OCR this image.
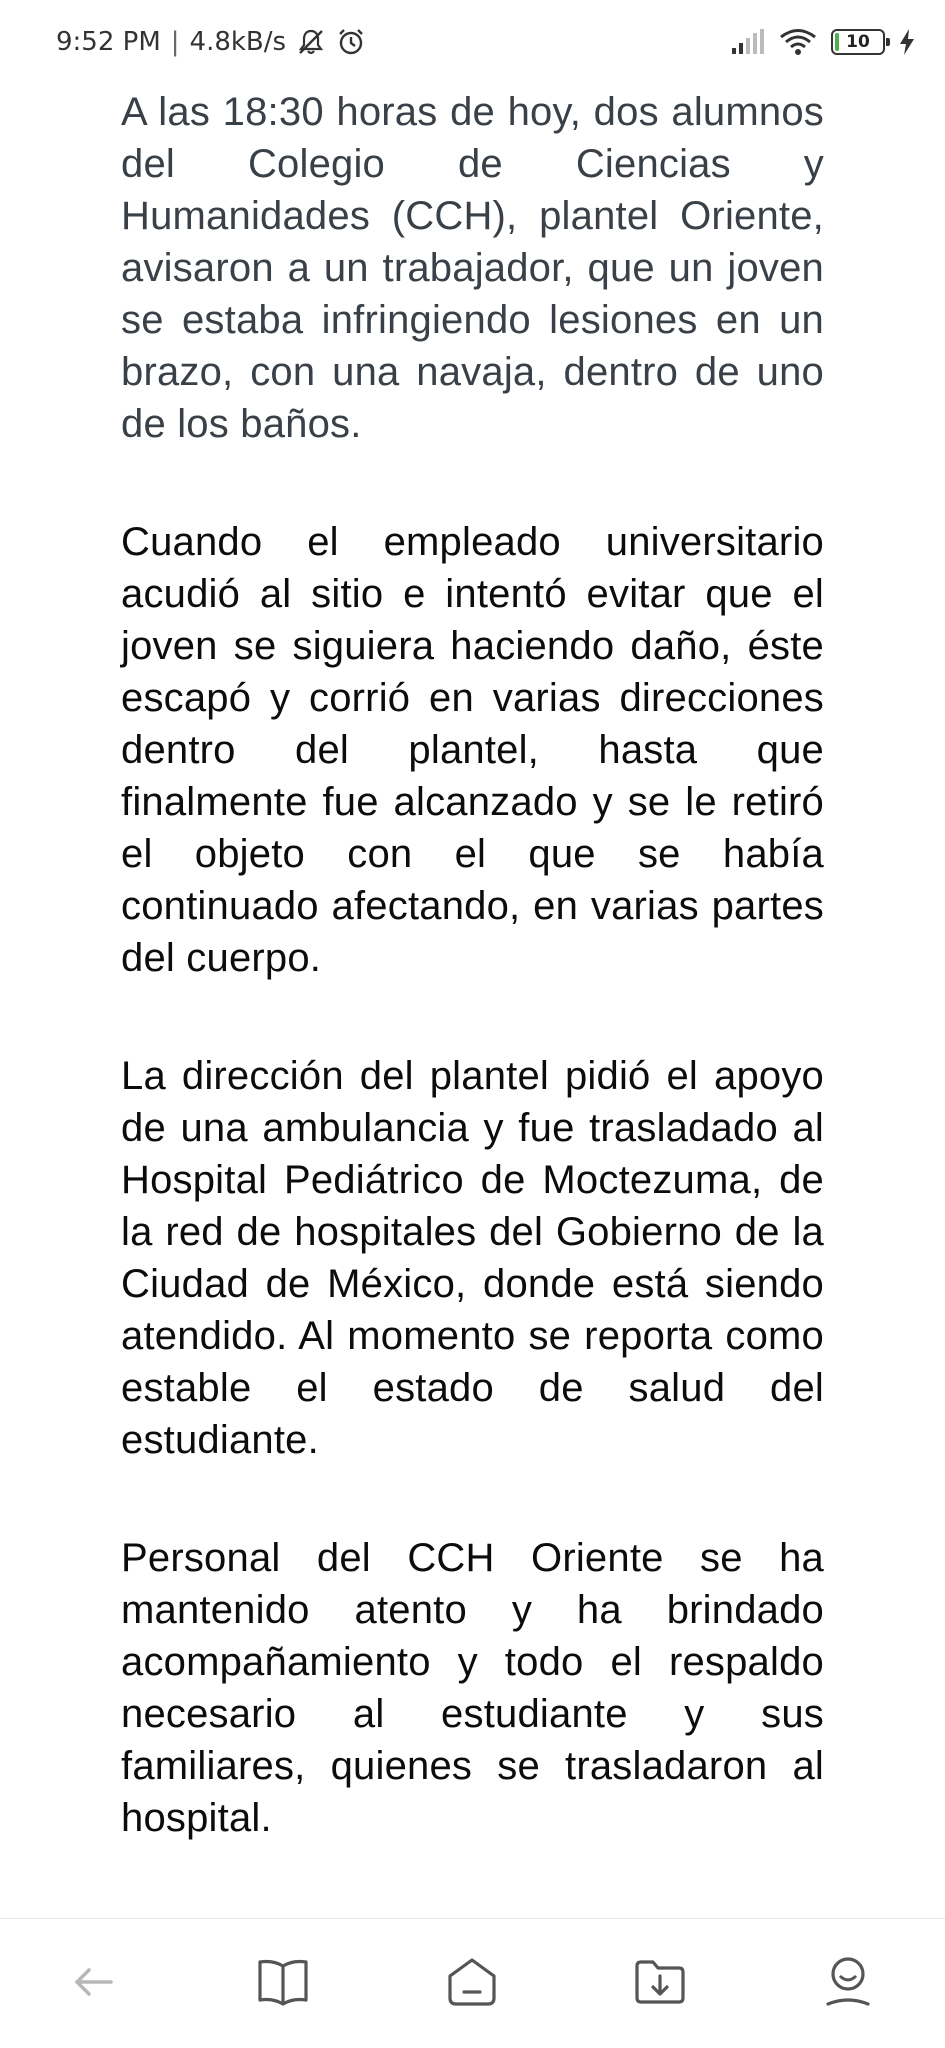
9:52 PM | 4.8kB/s	10

A las 18:30 horas de hoy, dos alumnos del Colegio de Ciencias y Humanidades (CCH), plantel Oriente, avisaron a un trabajador, que un joven se estaba infringiendo lesiones en un brazo, con una navaja, dentro de uno de los baños.

Cuando el empleado universitario acudió al sitio e intentó evitar que el joven se siguiera haciendo daño, éste escapó y corrió en varias direcciones dentro del plantel, hasta que finalmente fue alcanzado y se le retiró el objeto con el que se había continuado afectando, en varias partes del cuerpo.

La dirección del plantel pidió el apoyo de una ambulancia y fue trasladado al Hospital Pediátrico de Moctezuma, de la red de hospitales del Gobierno de la Ciudad de México, donde está siendo atendido. Al momento se reporta como estable el estado de salud del estudiante.

Personal del CCH Oriente se ha mantenido atento y ha brindado acompañamiento y todo el respaldo necesario al estudiante y sus familiares, quienes se trasladaron al hospital.
